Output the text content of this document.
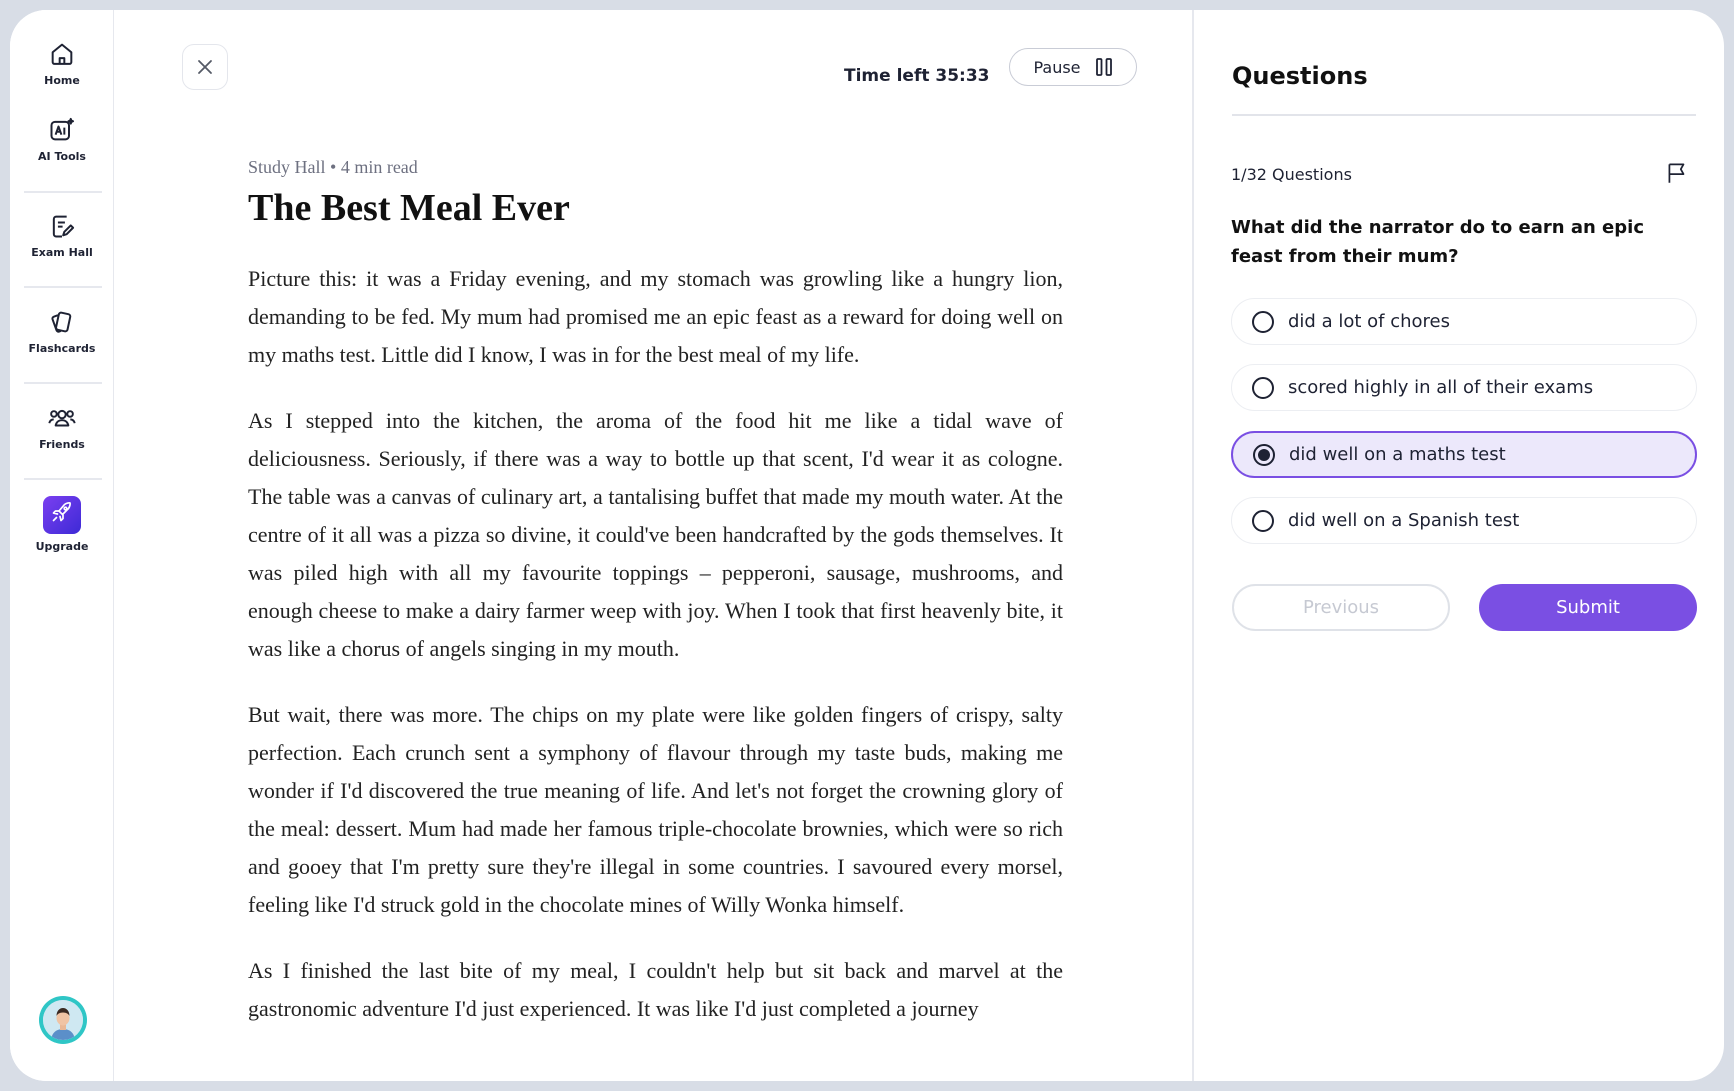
Home
AI Tools
Exam Hall
Flashcards
Friends
Upgrade
Time left 35:33	Pause
Study Hall • 4 min read
The Best Meal Ever

Picture this: it was a Friday evening, and my stomach was growling like a hungry lion, demanding to be fed. My mum had promised me an epic feast as a reward for doing well on my maths test. Little did I know, I was in for the best meal of my life.

As I stepped into the kitchen, the aroma of the food hit me like a tidal wave of deliciousness. Seriously, if there was a way to bottle up that scent, I'd wear it as cologne. The table was a canvas of culinary art, a tantalising buffet that made my mouth water. At the centre of it all was a pizza so divine, it could've been handcrafted by the gods themselves. It was piled high with all my favourite toppings – pepperoni, sausage, mushrooms, and enough cheese to make a dairy farmer weep with joy. When I took that first heavenly bite, it was like a chorus of angels singing in my mouth.

But wait, there was more. The chips on my plate were like golden fingers of crispy, salty perfection. Each crunch sent a symphony of flavour through my taste buds, making me wonder if I'd discovered the true meaning of life. And let's not forget the crowning glory of the meal: dessert. Mum had made her famous triple-chocolate brownies, which were so rich and gooey that I'm pretty sure they're illegal in some countries. I savoured every morsel, feeling like I'd struck gold in the chocolate mines of Willy Wonka himself.

As I finished the last bite of my meal, I couldn't help but sit back and marvel at the gastronomic adventure I'd just experienced. It was like I'd just completed a journey

Questions
1/32 Questions
What did the narrator do to earn an epic feast from their mum?
did a lot of chores
scored highly in all of their exams
did well on a maths test
did well on a Spanish test
Previous	Submit
